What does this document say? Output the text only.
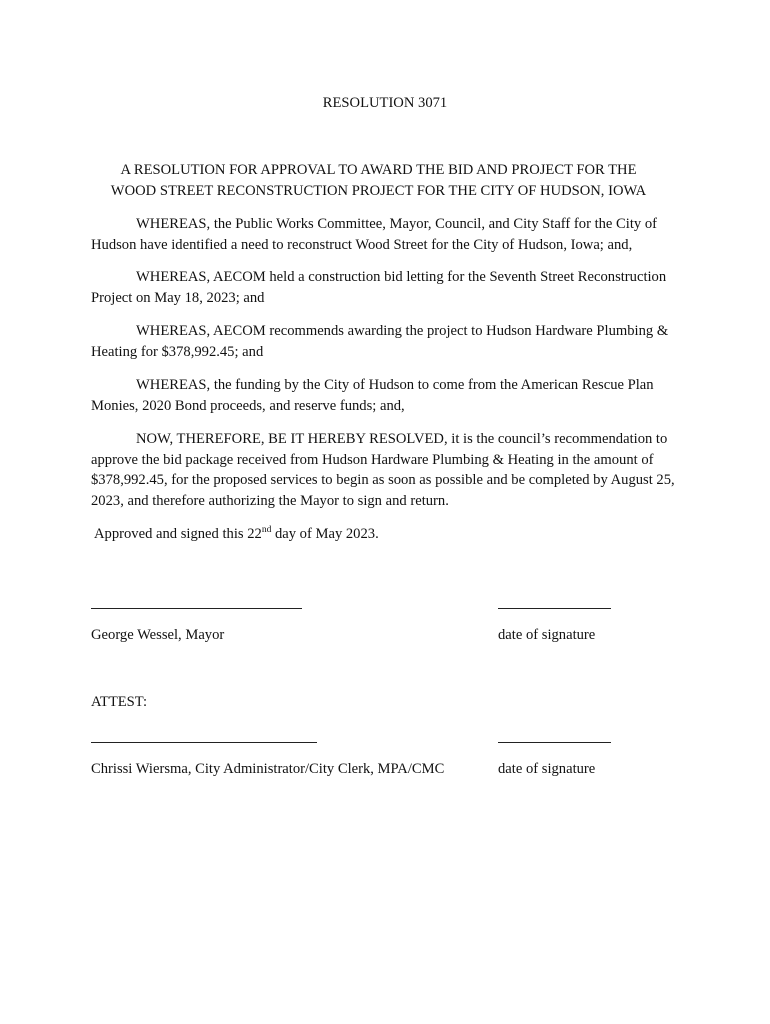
RESOLUTION 3071
A RESOLUTION FOR APPROVAL TO AWARD THE BID AND PROJECT FOR THE
WOOD STREET RECONSTRUCTION PROJECT FOR THE CITY OF HUDSON, IOWA

WHEREAS, the Public Works Committee, Mayor, Council, and City Staff for the City of Hudson have identified a need to reconstruct Wood Street for the City of Hudson, Iowa; and,

WHEREAS, AECOM held a construction bid letting for the Seventh Street Reconstruction Project on May 18, 2023; and

WHEREAS, AECOM recommends awarding the project to Hudson Hardware Plumbing & Heating for $378,992.45; and

WHEREAS, the funding by the City of Hudson to come from the American Rescue Plan Monies, 2020 Bond proceeds, and reserve funds; and,

NOW, THEREFORE, BE IT HEREBY RESOLVED, it is the council’s recommendation to approve the bid package received from Hudson Hardware Plumbing & Heating in the amount of $378,992.45, for the proposed services to begin as soon as possible and be completed by August 25, 2023, and therefore authorizing the Mayor to sign and return.

Approved and signed this 22nd day of May 2023.
George Wessel, Mayor	date of signature
ATTEST:
Chrissi Wiersma, City Administrator/City Clerk, MPA/CMC	date of signature
